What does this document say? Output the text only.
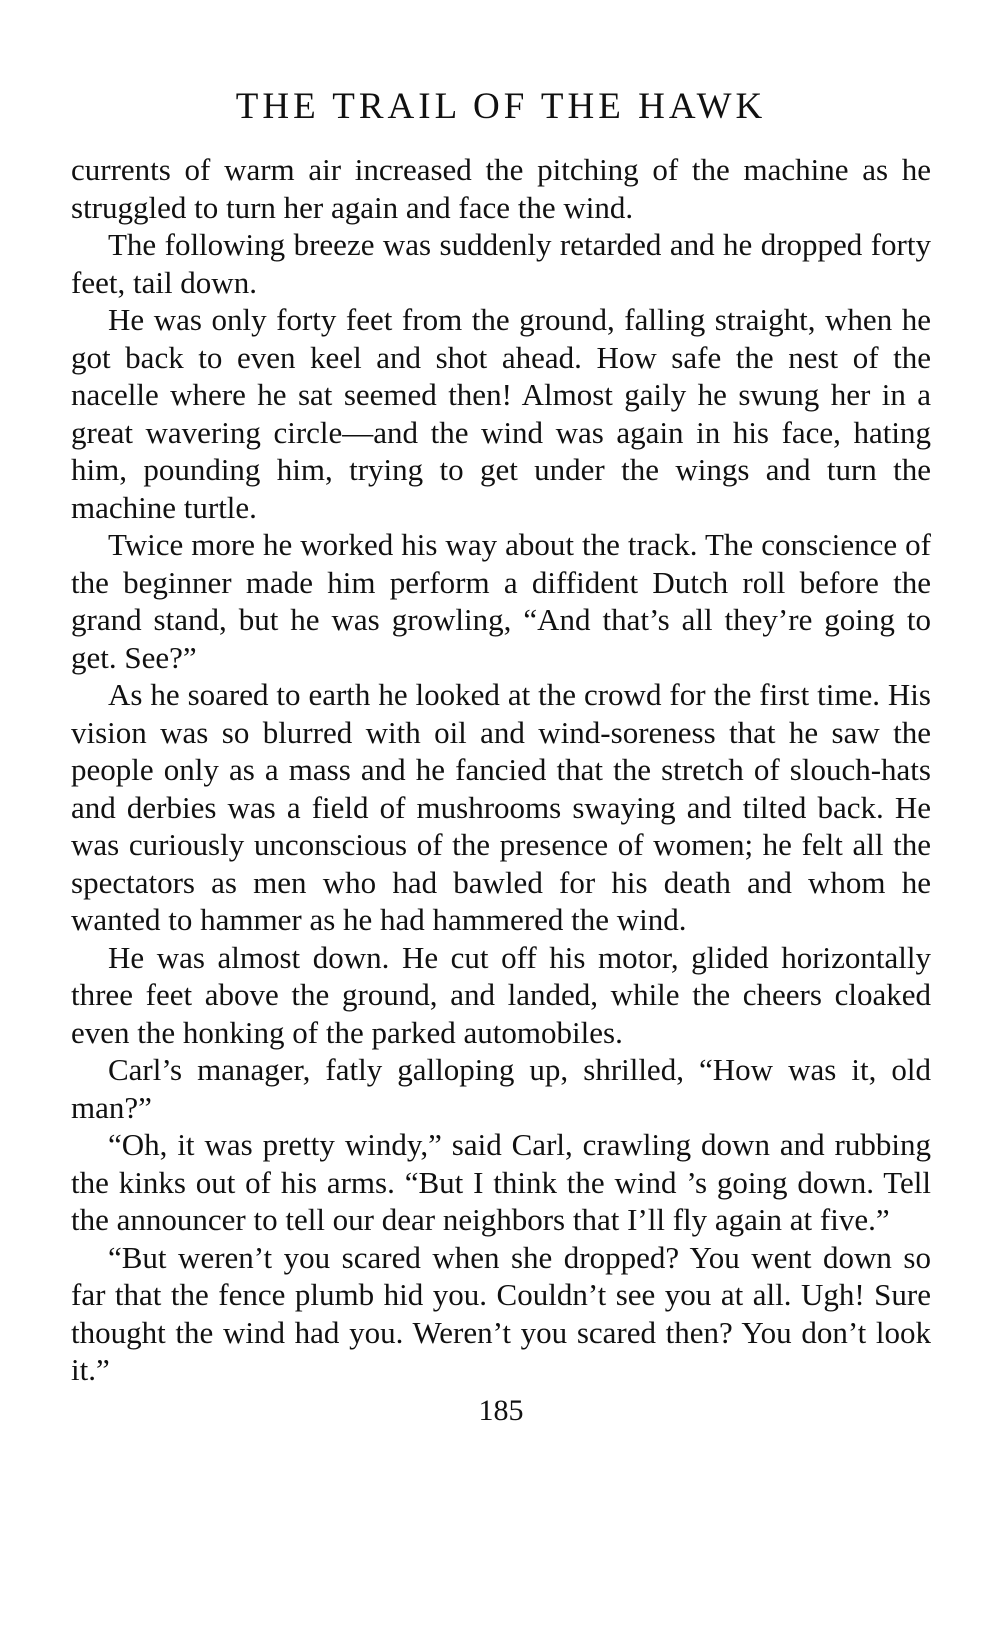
THE TRAIL OF THE HAWK

currents of warm air increased the pitching of the machine as he struggled to turn her again and face the wind.

The following breeze was suddenly retarded and he dropped forty feet, tail down.

He was only forty feet from the ground, falling straight, when he got back to even keel and shot ahead. How safe the nest of the nacelle where he sat seemed then! Almost gaily he swung her in a great wavering circle—and the wind was again in his face, hating him, pounding him, trying to get under the wings and turn the machine turtle.

Twice more he worked his way about the track. The conscience of the beginner made him perform a diffident Dutch roll before the grand stand, but he was growling, “And that’s all they’re going to get. See?”

As he soared to earth he looked at the crowd for the first time. His vision was so blurred with oil and wind-soreness that he saw the people only as a mass and he fancied that the stretch of slouch-hats and derbies was a field of mushrooms swaying and tilted back. He was curiously unconscious of the presence of women; he felt all the spectators as men who had bawled for his death and whom he wanted to hammer as he had hammered the wind.

He was almost down. He cut off his motor, glided horizontally three feet above the ground, and landed, while the cheers cloaked even the honking of the parked automobiles.

Carl’s manager, fatly galloping up, shrilled, “How was it, old man?”

“Oh, it was pretty windy,” said Carl, crawling down and rubbing the kinks out of his arms. “But I think the wind ’s going down. Tell the announcer to tell our dear neighbors that I’ll fly again at five.”

“But weren’t you scared when she dropped? You went down so far that the fence plumb hid you. Couldn’t see you at all. Ugh! Sure thought the wind had you. Weren’t you scared then? You don’t look it.”

185
